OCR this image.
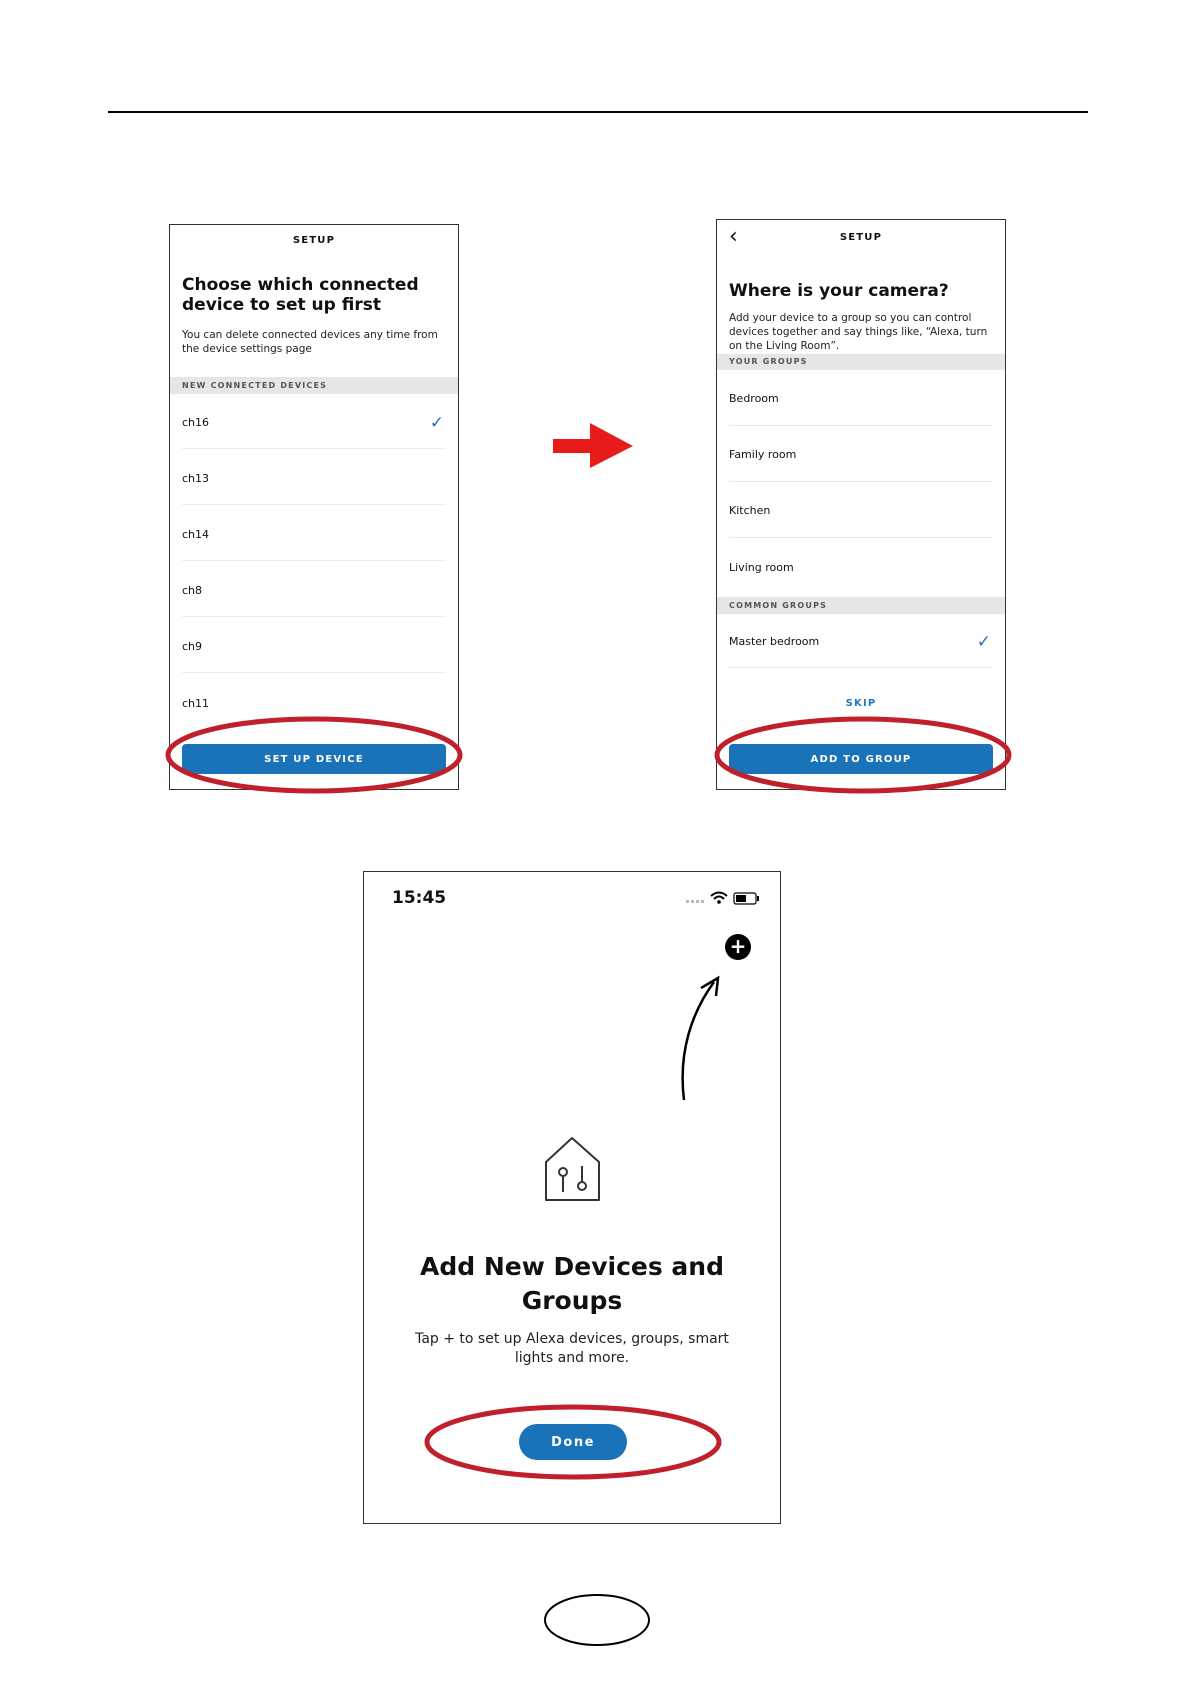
SETUP
Choose which connected device to set up first
You can delete connected devices any time from the device settings page
NEW CONNECTED DEVICES
ch16	✓
ch13
ch14
ch8
ch9
ch11
SET UP DEVICE
‹	SETUP
Where is your camera?
Add your device to a group so you can control devices together and say things like, “Alexa, turn on the Living Room”.
YOUR GROUPS
Bedroom
Family room
Kitchen
Living room
COMMON GROUPS
Master bedroom	✓
SKIP
ADD TO GROUP
15:45
+
Add New Devices and Groups
Tap + to set up Alexa devices, groups, smart lights and more.
Done
